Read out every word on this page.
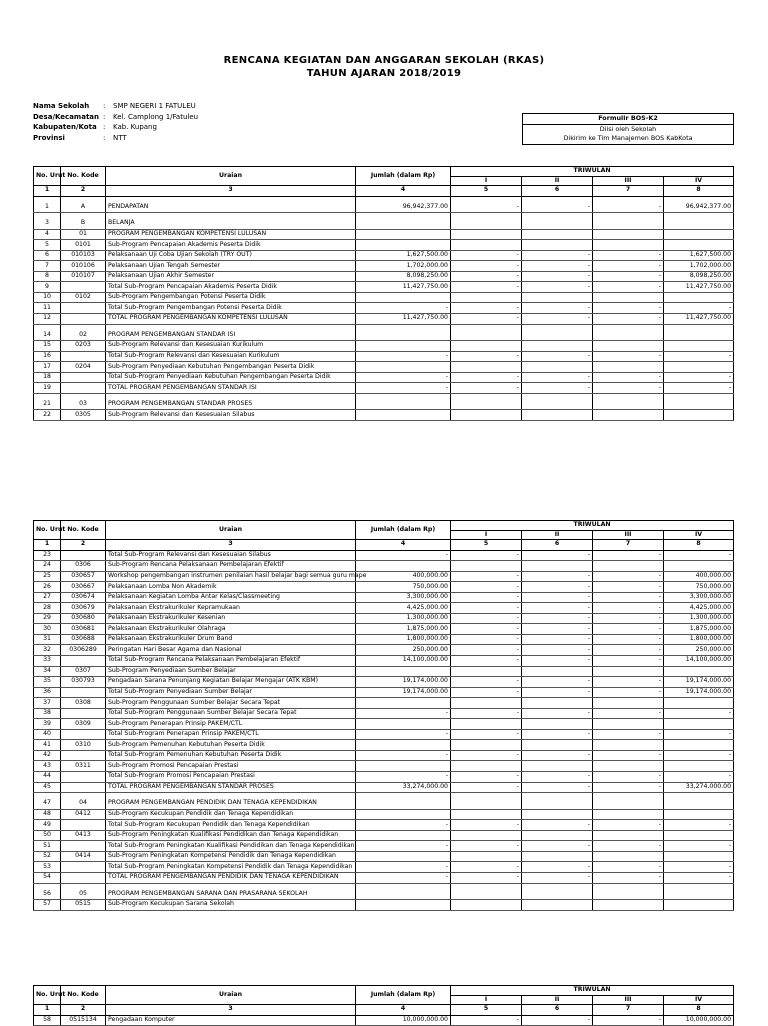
RENCANA KEGIATAN DAN ANGGARAN SEKOLAH (RKAS)
TAHUN AJARAN 2018/2019
Nama Sekolah : SMP NEGERI 1 FATULEU
Desa/Kecamatan : Kel. Camplong 1/Fatuleu
Kabupaten/Kota : Kab. Kupang
Provinsi	: NTT
Formulir BOS-K2
Diisi oleh Sekolah
Dikirim ke Tim Manajemen BOS KabKota
No. Urut	No. Kode	Uraian	Jumlah (dalam Rp)	TRIWULAN			
				I	II	III	IV
1	2	3	4	5	6	7	8

1	A	PENDAPATAN	96,942,377.00	-	-	-	96,942,377.00

3	B	BELANJA					
4	01	PROGRAM PENGEMBANGAN KOMPETENSI LULUSAN					
5	0101	Sub-Program Pencapaian Akademis Peserta Didik					
6	010103	Pelaksanaan Uji Coba Ujian Sekolah (TRY OUT)	1,627,500.00	-	-	-	1,627,500.00
7	010106	Pelaksanaan Ujian Tengah Semester	1,702,000.00	-	-	-	1,702,000.00
8	010107	Pelaksanaan Ujian Akhir Semester	8,098,250.00	-	-	-	8,098,250.00
9		Total Sub-Program Pencapaian Akademis Peserta Didik	11,427,750.00	-	-	-	11,427,750.00
10	0102	Sub-Program Pengembangan Potensi Peserta Didik					
11		Total Sub-Program Pengembangan Potensi Peserta Didik	-	-	-	-	-
12		TOTAL PROGRAM PENGEMBANGAN KOMPETENSI LULUSAN	11,427,750.00	-	-	-	11,427,750.00

14	02	PROGRAM PENGEMBANGAN STANDAR ISI					
15	0203	Sub-Program Relevansi dan Kesesuaian Kurikulum					
16		Total Sub-Program Relevansi dan Kesesuaian Kurikulum	-	-	-	-	-
17	0204	Sub-Program Penyediaan Kebutuhan Pengembangan Peserta Didik					
18		Total Sub-Program Penyediaan Kebutuhan Pengembangan Peserta Didik	-	-	-	-	-
19		TOTAL PROGRAM PENGEMBANGAN STANDAR ISI	-	-	-	-	-

21	03	PROGRAM PENGEMBANGAN STANDAR PROSES					
22	0305	Sub-Program Relevansi dan Kesesuaian Silabus					
No. Urut	No. Kode	Uraian	Jumlah (dalam Rp)	TRIWULAN			
				I	II	III	IV
1	2	3	4	5	6	7	8
23		Total Sub-Program Relevansi dan Kesesuaian Silabus	-	-	-	-	-
24	0306	Sub-Program Rencana Pelaksanaan Pembelajaran Efektif					
25	030657	Workshop pengembangan instrumen penilaian hasil belajar bagi semua guru mape	400,000.00	-	-	-	400,000.00
26	030667	Pelaksanaan Lomba Non Akademik	750,000.00	-	-	-	750,000.00
27	030674	Pelaksanaan Kegiatan Lomba Antar Kelas/Classmeeting	3,300,000.00	-	-	-	3,300,000.00
28	030679	Pelaksanaan Ekstrakurikuler Kepramukaan	4,425,000.00	-	-	-	4,425,000.00
29	030680	Pelaksanaan Ekstrakurikuler Kesenian	1,300,000.00	-	-	-	1,300,000.00
30	030681	Pelaksanaan Ekstrakurikuler Olahraga	1,875,000.00	-	-	-	1,875,000.00
31	030688	Pelaksanaan Ekstrakurikuler Drum Band	1,800,000.00	-	-	-	1,800,000.00
32	0306289	Peringatan Hari Besar Agama dan Nasional	250,000.00	-	-	-	250,000.00
33		Total Sub-Program Rencana Pelaksanaan Pembelajaran Efektif	14,100,000.00	-	-	-	14,100,000.00
34	0307	Sub-Program Penyediaan Sumber Belajar					
35	030793	Pengadaan Sarana Penunjang Kegiatan Belajar Mengajar (ATK KBM)	19,174,000.00	-	-	-	19,174,000.00
36		Total Sub-Program Penyediaan Sumber Belajar	19,174,000.00	-	-	-	19,174,000.00
37	0308	Sub-Program Penggunaan Sumber Belajar Secara Tepat					
38		Total Sub-Program Penggunaan Sumber Belajar Secara Tepat	-	-	-	-	-
39	0309	Sub-Program Penerapan Prinsip PAKEM/CTL					
40		Total Sub-Program Penerapan Prinsip PAKEM/CTL	-	-	-	-	-
41	0310	Sub-Program Pemenuhan Kebutuhan Peserta Didik					
42		Total Sub-Program Pemenuhan Kebutuhan Peserta Didik	-	-	-	-	-
43	0311	Sub-Program Promosi Pencapaian Prestasi					
44		Total Sub-Program Promosi Pencapaian Prestasi	-	-	-	-	-
45		TOTAL PROGRAM PENGEMBANGAN STANDAR PROSES	33,274,000.00	-	-	-	33,274,000.00

47	04	PROGRAM PENGEMBANGAN PENDIDIK DAN TENAGA KEPENDIDIKAN					
48	0412	Sub-Program Kecukupan Pendidik dan Tenaga Kependidikan					
49		Total Sub-Program Kecukupan Pendidik dan Tenaga Kependidikan	-	-	-	-	-
50	0413	Sub-Program Peningkatan Kualifikasi Pendidikan dan Tenaga Kependidikan					
51		Total Sub-Program Peningkatan Kualifikasi Pendidikan dan Tenaga Kependidikan	-	-	-	-	-
52	0414	Sub-Program Peningkatan Kompetensi Pendidik dan Tenaga Kependidikan					
53		Total Sub-Program Peningkatan Kompetensi Pendidik dan Tenaga Kependidikan	-	-	-	-	-
54		TOTAL PROGRAM PENGEMBANGAN PENDIDIK DAN TENAGA KEPENDIDIKAN	-	-	-	-	-

56	05	PROGRAM PENGEMBANGAN SARANA DAN PRASARANA SEKOLAH					
57	0515	Sub-Program Kecukupan Sarana Sekolah					
No. Urut	No. Kode	Uraian	Jumlah (dalam Rp)	TRIWULAN			
				I	II	III	IV
1	2	3	4	5	6	7	8
58	0515134	Pengadaan Komputer	10,000,000.00	-	-	-	10,000,000.00
